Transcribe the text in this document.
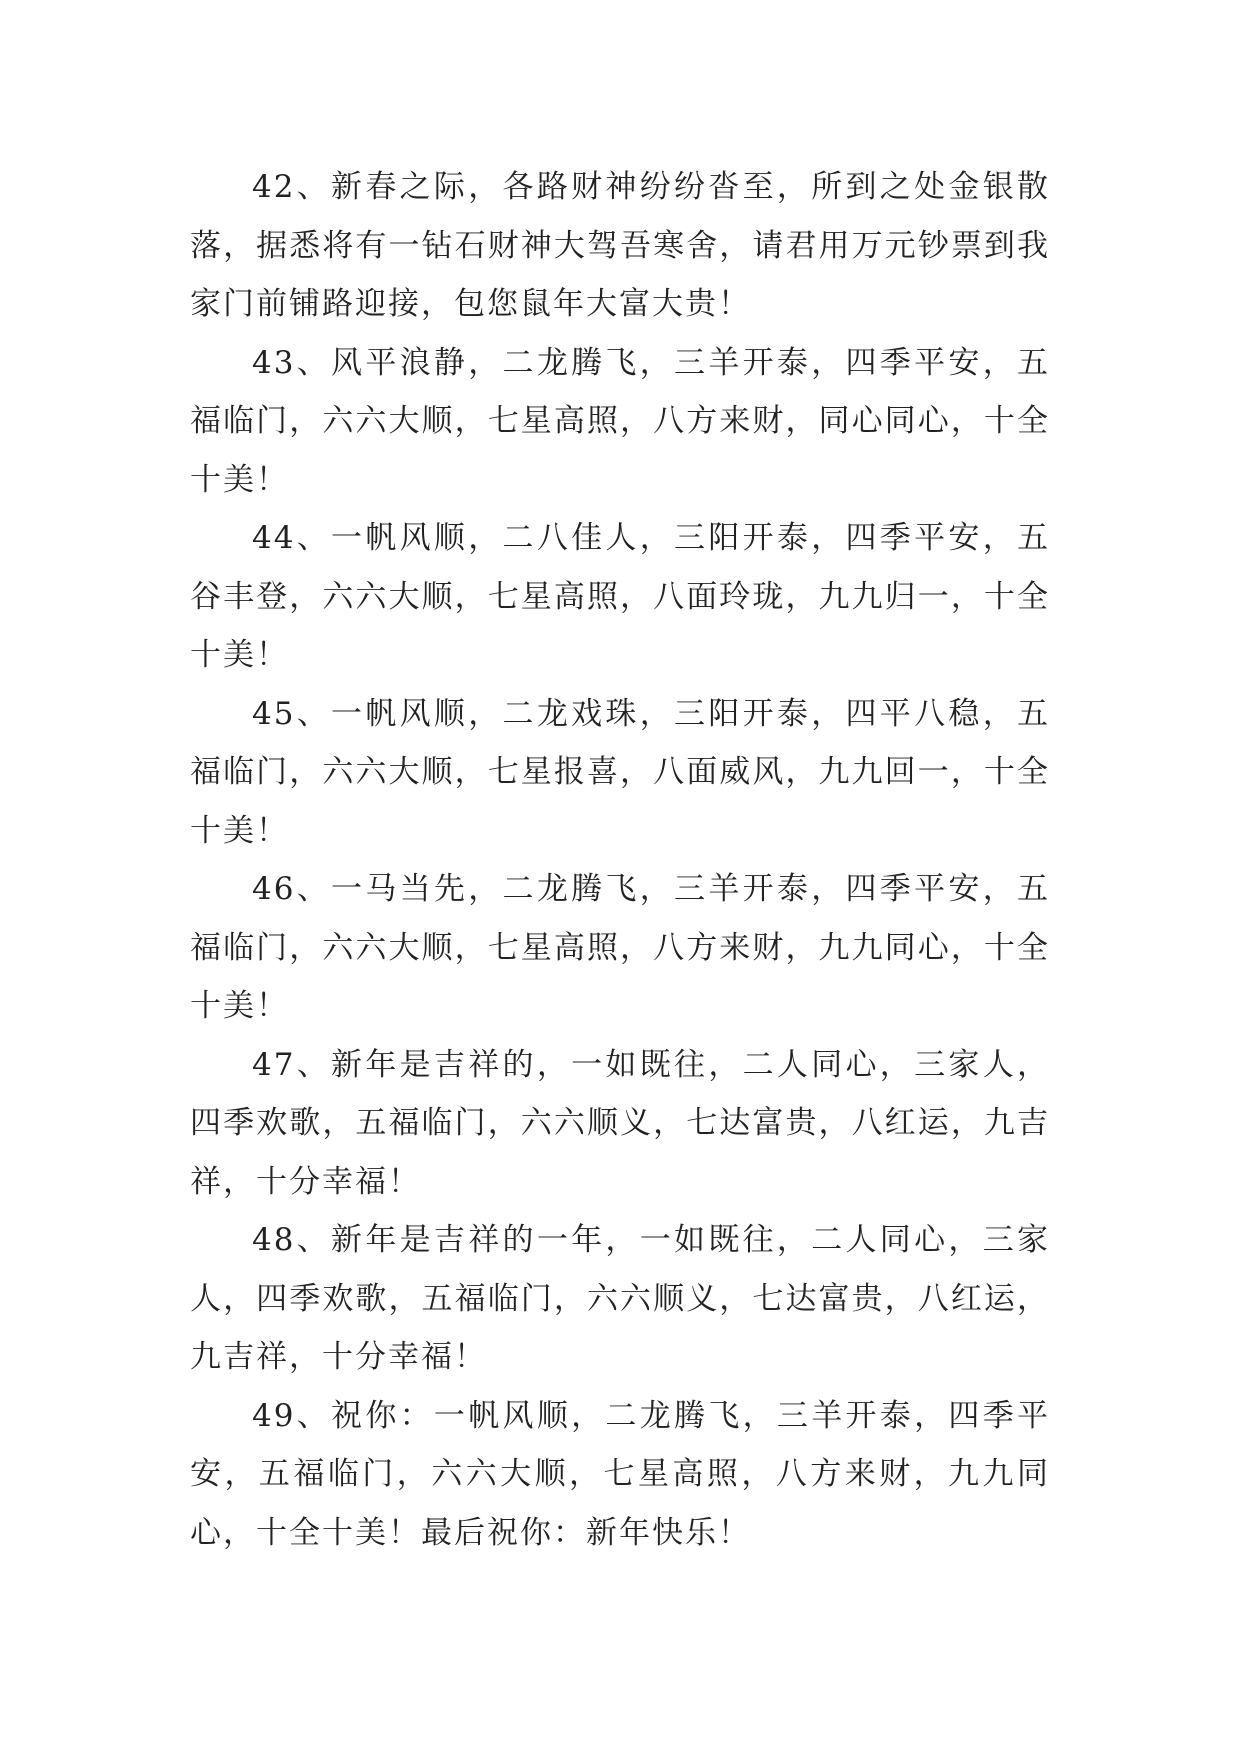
42、新春之际，各路财神纷纷沓至，所到之处金银散落，据悉将有一钻石财神大驾吾寒舍，请君用万元钞票到我家门前铺路迎接，包您鼠年大富大贵！

43、风平浪静，二龙腾飞，三羊开泰，四季平安，五福临门，六六大顺，七星高照，八方来财，同心同心，十全十美！

44、一帆风顺，二八佳人，三阳开泰，四季平安，五谷丰登，六六大顺，七星高照，八面玲珑，九九归一，十全十美！

45、一帆风顺，二龙戏珠，三阳开泰，四平八稳，五福临门，六六大顺，七星报喜，八面威风，九九回一，十全十美！

46、一马当先，二龙腾飞，三羊开泰，四季平安，五福临门，六六大顺，七星高照，八方来财，九九同心，十全十美！

47、新年是吉祥的，一如既往，二人同心，三家人，四季欢歌，五福临门，六六顺义，七达富贵，八红运，九吉祥，十分幸福！

48、新年是吉祥的一年，一如既往，二人同心，三家人，四季欢歌，五福临门，六六顺义，七达富贵，八红运，九吉祥，十分幸福！

49、祝你：一帆风顺，二龙腾飞，三羊开泰，四季平安，五福临门，六六大顺，七星高照，八方来财，九九同心，十全十美！最后祝你：新年快乐！
